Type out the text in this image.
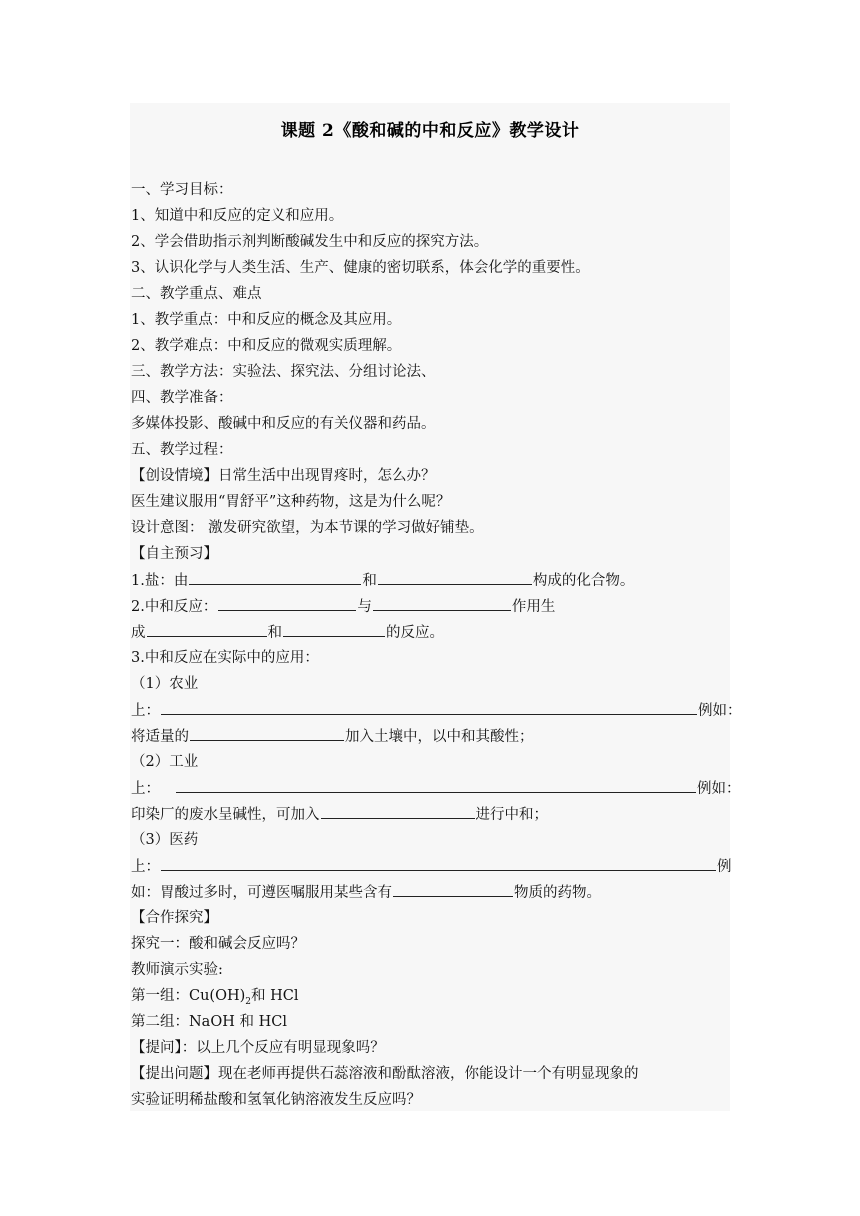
课题 2《酸和碱的中和反应》教学设计
一、学习目标：
1、知道中和反应的定义和应用。
2、学会借助指示剂判断酸碱发生中和反应的探究方法。
3、认识化学与人类生活、生产、健康的密切联系，体会化学的重要性。
二、教学重点、难点
1、教学重点：中和反应的概念及其应用。
2、教学难点：中和反应的微观实质理解。
三、教学方法：实验法、探究法、分组讨论法、
四、教学准备：
多媒体投影、酸碱中和反应的有关仪器和药品。
五、教学过程：
【创设情境】日常生活中出现胃疼时，怎么办？
医生建议服用“胃舒平”这种药物，这是为什么呢？
设计意图： 激发研究欲望，为本节课的学习做好铺垫。
【自主预习】
1.盐：由	和	构成的化合物。
2.中和反应：	与	作用生
成	和	的反应。
3.中和反应在实际中的应用：
（1）农业
上：	例如：
将适量的	加入土壤中，以中和其酸性；
（2）工业
上：	例如：
印染厂的废水呈碱性，可加入	进行中和；
（3）医药
上：	例
如：胃酸过多时，可遵医嘱服用某些含有	物质的药物。
【合作探究】
探究一：酸和碱会反应吗？
教师演示实验:
第一组：$Cu(OH)_2$和 HCl
第二组：NaOH 和 HCl
【提问】：以上几个反应有明显现象吗？
【提出问题】现在老师再提供石蕊溶液和酚酞溶液，你能设计一个有明显现象的
实验证明稀盐酸和氢氧化钠溶液发生反应吗？
